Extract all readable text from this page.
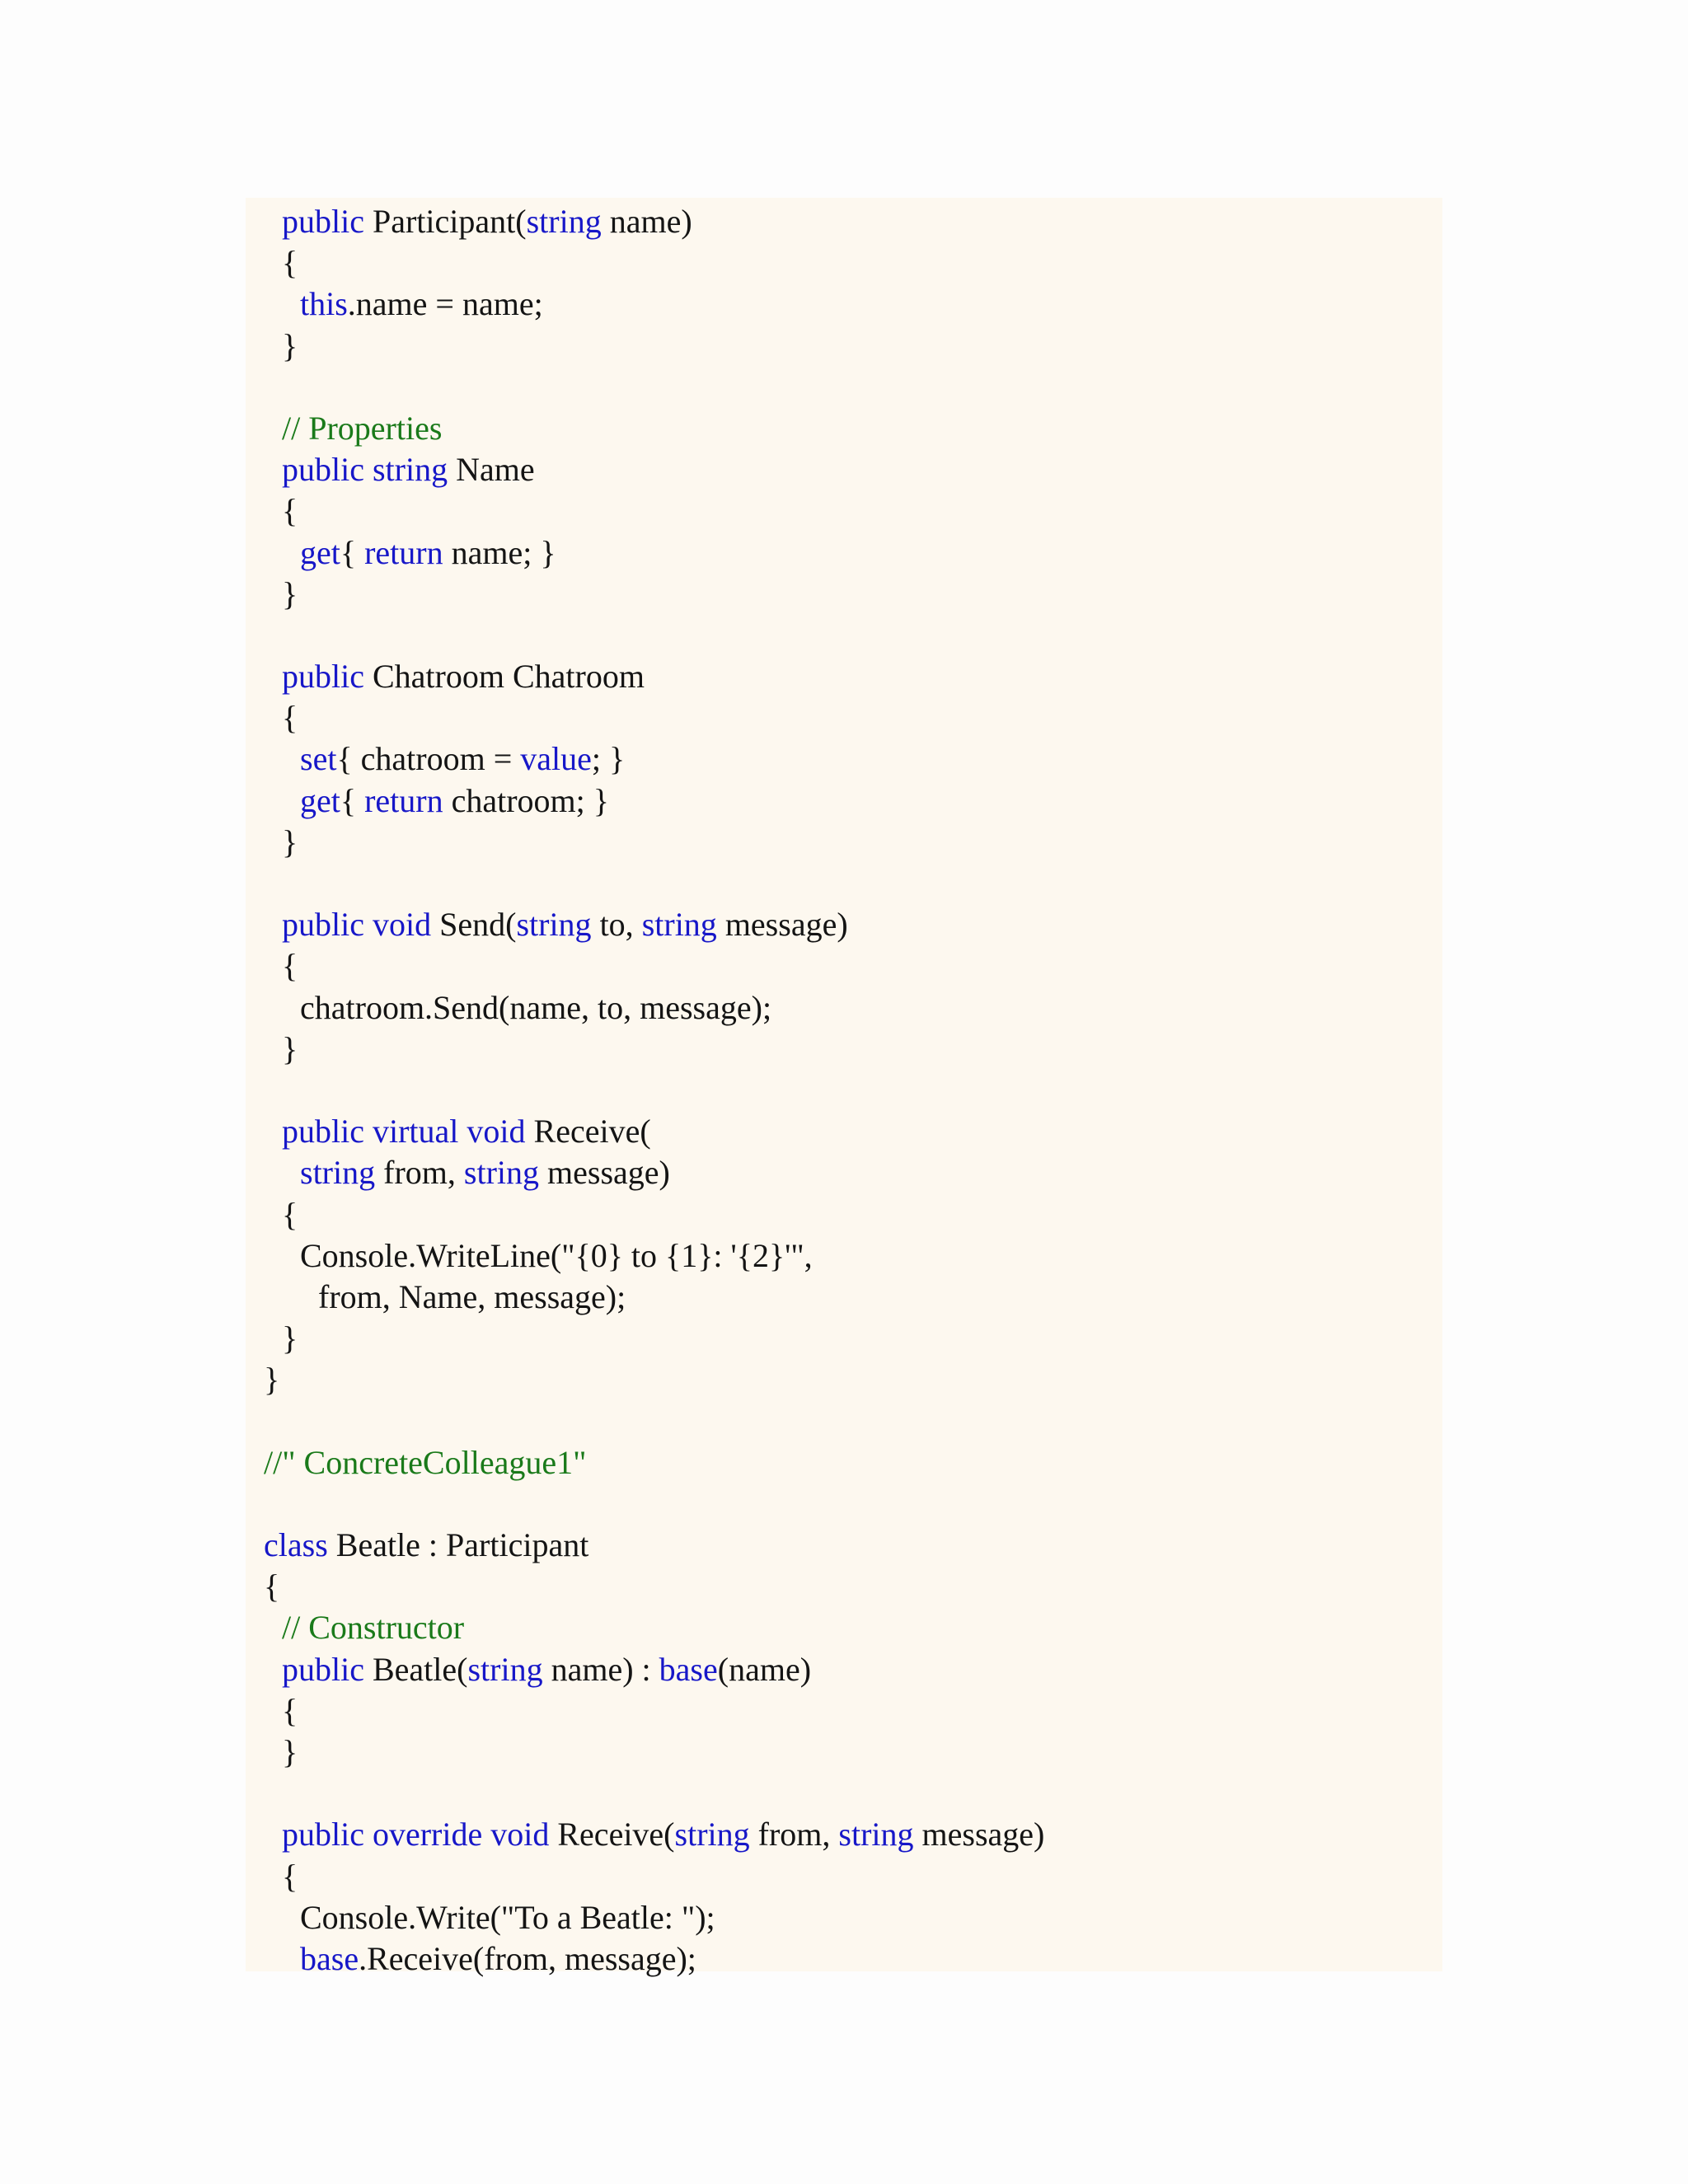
public Participant(string name)
{
this.name = name;
}
// Properties
public string Name
{
get{ return name; }
}
public Chatroom Chatroom
{
set{ chatroom = value; }
get{ return chatroom; }
}
public void Send(string to, string message)
{
chatroom.Send(name, to, message);
}
public virtual void Receive(
string from, string message)
{
Console.WriteLine("{0} to {1}: '{2}'",
from, Name, message);
}
}
//" ConcreteColleague1"
class Beatle : Participant
{
// Constructor
public Beatle(string name) : base(name)
{
}
public override void Receive(string from, string message)
{
Console.Write("To a Beatle: ");
base.Receive(from, message);
